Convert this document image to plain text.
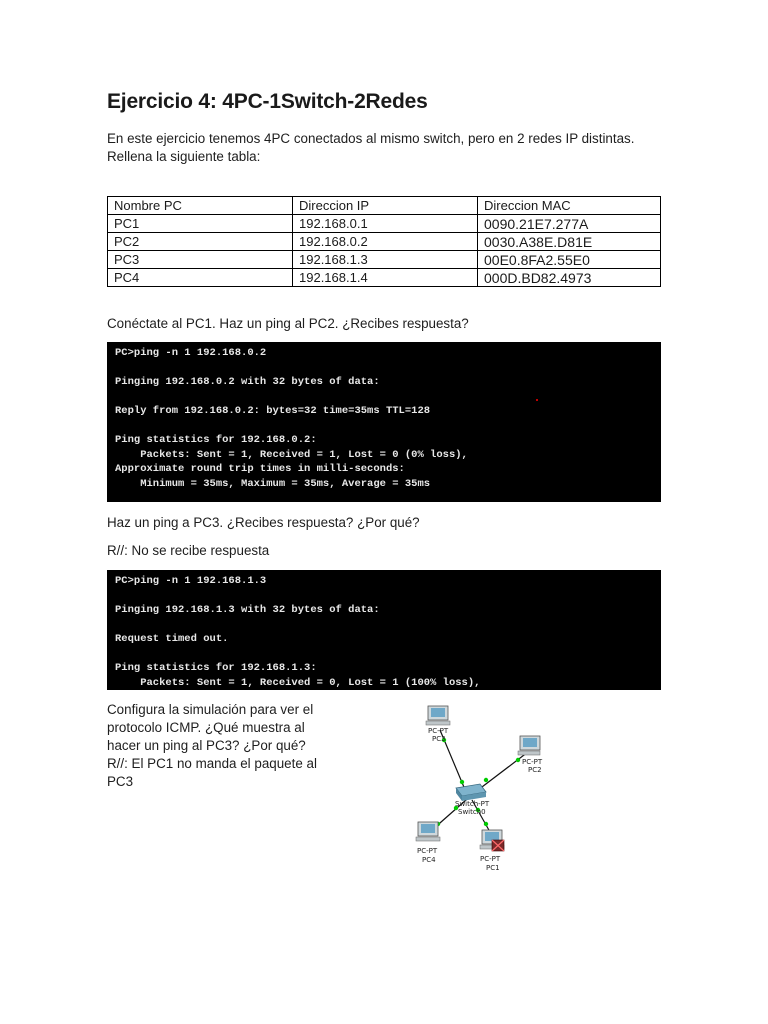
Ejercicio 4: 4PC-1Switch-2Redes

En este ejercicio tenemos 4PC conectados al mismo switch, pero en 2 redes IP distintas.

Rellena la siguiente tabla:

Nombre PC	Direccion IP	Direccion MAC
PC1	192.168.0.1	0090.21E7.277A
PC2	192.168.0.2	0030.A38E.D81E
PC3	192.168.1.3	00E0.8FA2.55E0
PC4	192.168.1.4	000D.BD82.4973

Conéctate al PC1. Haz un ping al PC2. ¿Recibes respuesta?

PC>ping -n 1 192.168.0.2
Pinging 192.168.0.2 with 32 bytes of data:
Reply from 192.168.0.2: bytes=32 time=35ms TTL=128
Ping statistics for 192.168.0.2:
Packets: Sent = 1, Received = 1, Lost = 0 (0% loss),
Approximate round trip times in milli-seconds:
Minimum = 35ms, Maximum = 35ms, Average = 35ms

Haz un ping a PC3. ¿Recibes respuesta? ¿Por qué?

R//: No se recibe respuesta

PC>ping -n 1 192.168.1.3
Pinging 192.168.1.3 with 32 bytes of data:
Request timed out.
Ping statistics for 192.168.1.3:
Packets: Sent = 1, Received = 0, Lost = 1 (100% loss),

Configura la simulación para ver el

protocolo ICMP. ¿Qué muestra al

hacer un ping al PC3? ¿Por qué?

R//: El PC1 no manda el paquete al

PC3

PC-PT
PC3
PC-PT
PC2
Switch-PT
Switch0
PC-PT
PC4	PC-PT
PC1
